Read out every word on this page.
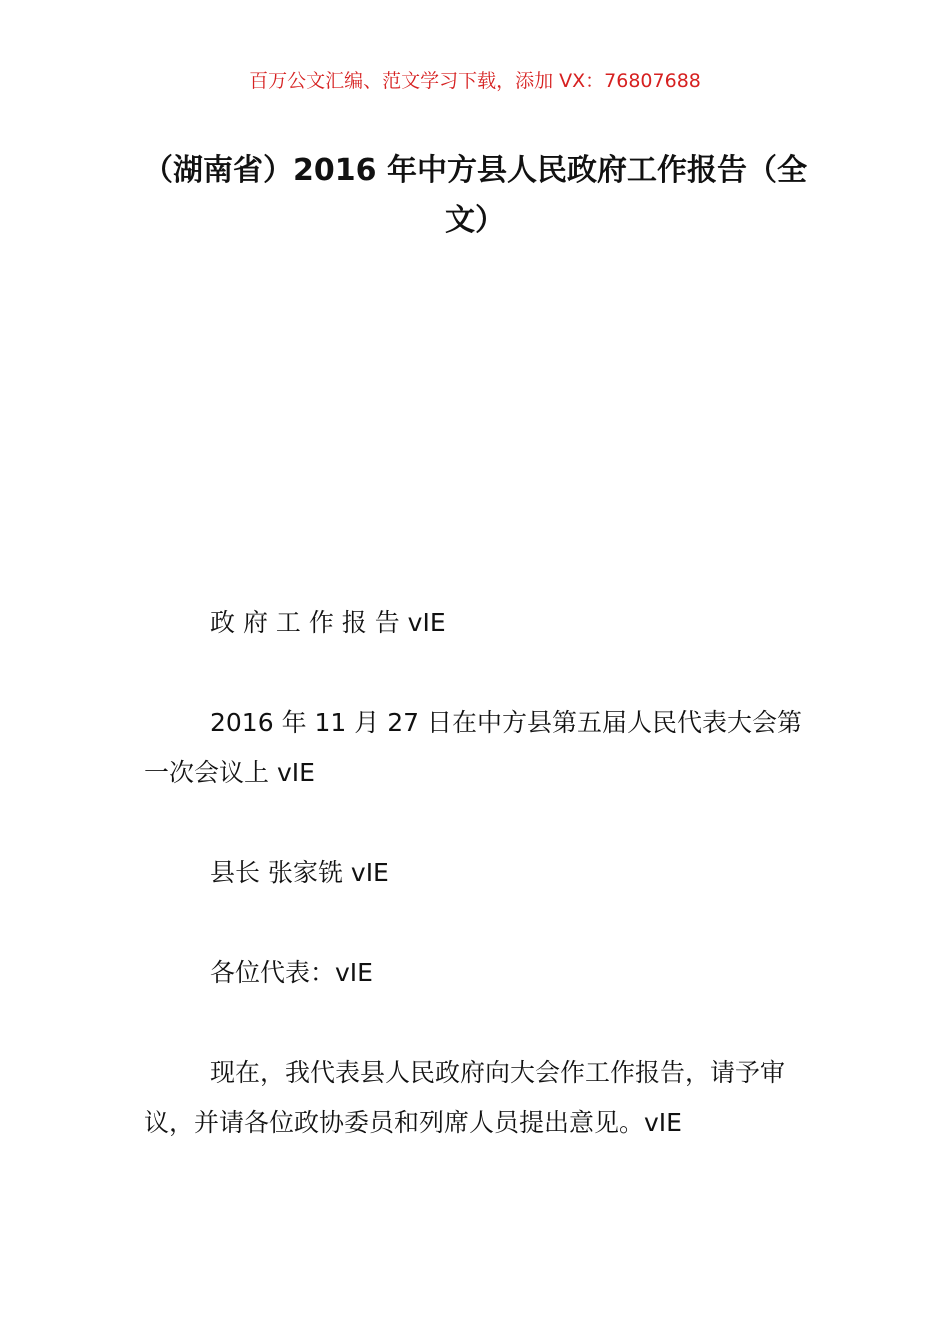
百万公文汇编、范文学习下载，添加 VX：76807688
（湖南省）2016 年中方县人民政府工作报告（全文）

政 府 工 作 报 告 vIE

2016 年 11 月 27 日在中方县第五届人民代表大会第一次会议上 vIE

县长 张家铣 vIE

各位代表：vIE

现在，我代表县人民政府向大会作工作报告，请予审议，并请各位政协委员和列席人员提出意见。vIE
